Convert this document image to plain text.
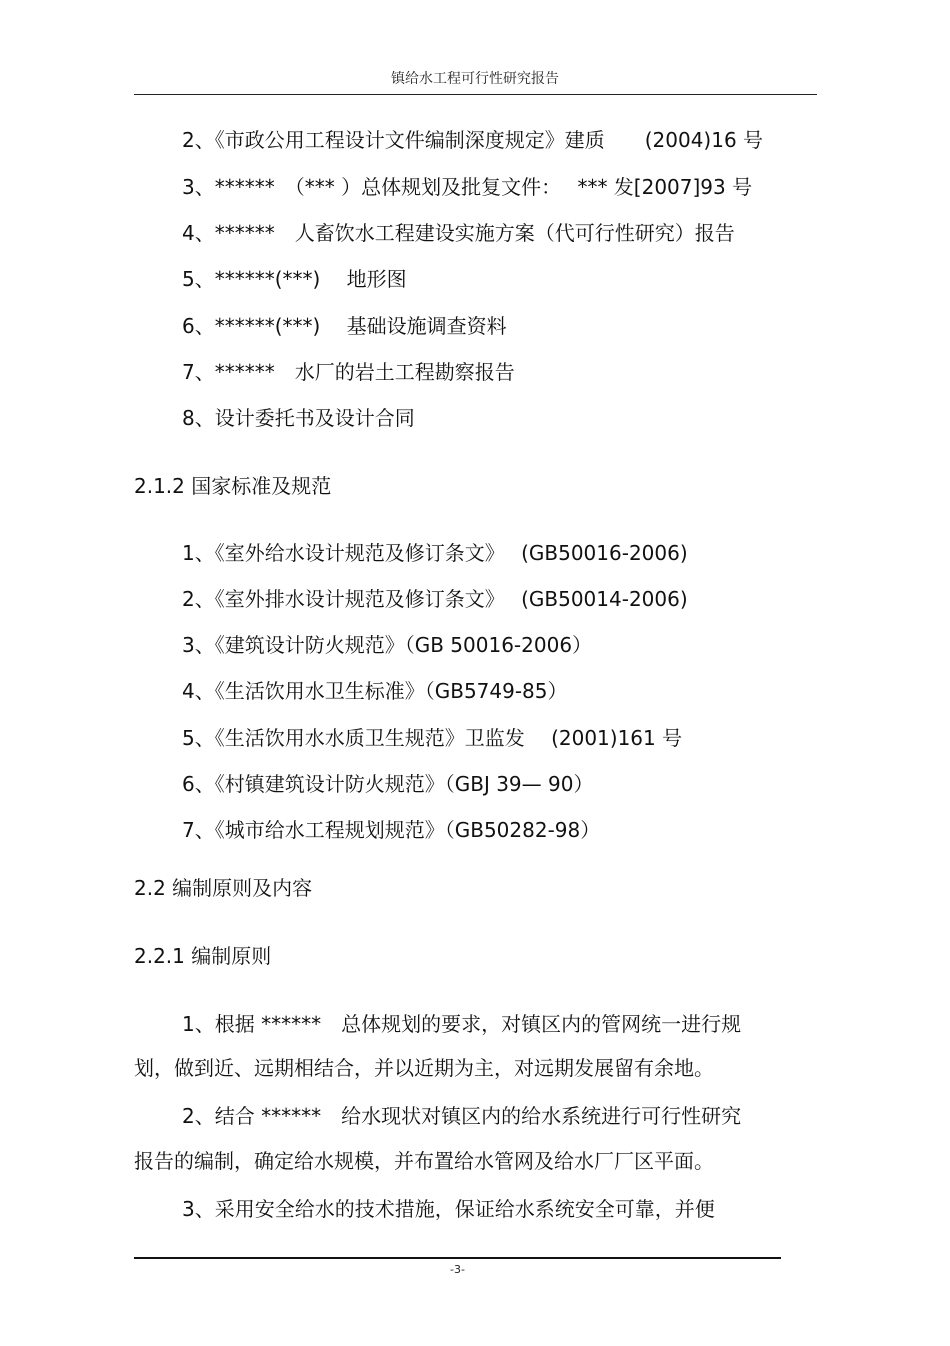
镇给水工程可行性研究报告
2、《市政公用工程设计文件编制深度规定》建质　　(2004)16 号
3、******　（*** ）总体规划及批复文件：　 *** 发[2007]93 号
4、******　人畜饮水工程建设实施方案（代可行性研究）报告
5、******(***)　 地形图
6、******(***)　 基础设施调查资料
7、******　水厂的岩土工程勘察报告
8、设计委托书及设计合同
2.1.2 国家标准及规范
1、《室外给水设计规范及修订条文》　 (GB50016-2006)
2、《室外排水设计规范及修订条文》　 (GB50014-2006)
3、《建筑设计防火规范》（GB 50016-2006）
4、《生活饮用水卫生标准》（GB5749-85）
5、《生活饮用水水质卫生规范》卫监发　 (2001)161 号
6、《村镇建筑设计防火规范》（GBJ 39— 90）
7、《城市给水工程规划规范》（GB50282-98）
2.2 编制原则及内容
2.2.1 编制原则
1、根据 ******　总体规划的要求，对镇区内的管网统一进行规
划，做到近、远期相结合，并以近期为主，对远期发展留有余地。
2、结合 ******　给水现状对镇区内的给水系统进行可行性研究
报告的编制，确定给水规模，并布置给水管网及给水厂厂区平面。
3、采用安全给水的技术措施，保证给水系统安全可靠，并便
-3-
